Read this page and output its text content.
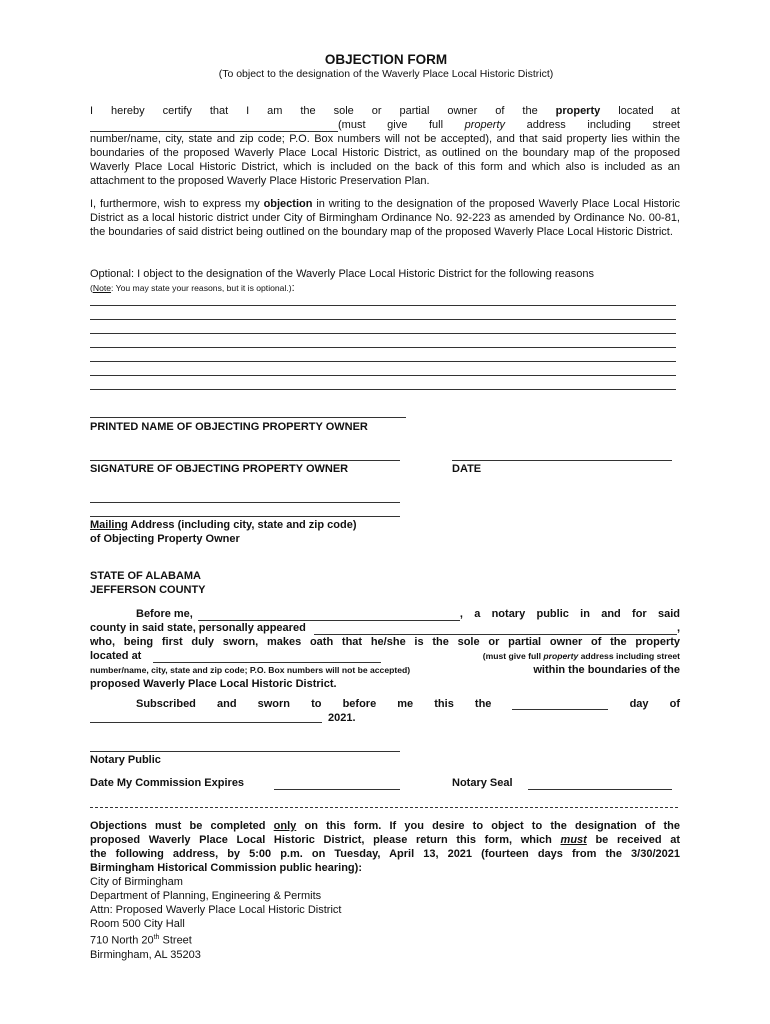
OBJECTION FORM
(To object to the designation of the Waverly Place Local Historic District)
I hereby certify that I am the sole or partial owner of the property located at
(must give full property address including street
number/name, city, state and zip code; P.O. Box numbers will not be accepted), and that said property lies within the boundaries of the proposed Waverly Place Local Historic District, as outlined on the boundary map of the proposed Waverly Place Local Historic District, which is included on the back of this form and which also is included as an attachment to the proposed Waverly Place Historic Preservation Plan.
I, furthermore, wish to express my objection in writing to the designation of the proposed Waverly Place Local Historic District as a local historic district under City of Birmingham Ordinance No. 92-223 as amended by Ordinance No. 00-81, the boundaries of said district being outlined on the boundary map of the proposed Waverly Place Local Historic District.
Optional: I object to the designation of the Waverly Place Local Historic District for the following reasons
(Note: You may state your reasons, but it is optional.):
PRINTED NAME OF OBJECTING PROPERTY OWNER
SIGNATURE OF OBJECTING PROPERTY OWNER	DATE
Mailing Address (including city, state and zip code)
of Objecting Property Owner
STATE OF ALABAMA
JEFFERSON COUNTY
Before me,	, a notary public in and for said
county in said state, personally appeared	,
who, being first duly sworn, makes oath that he/she is the sole or partial owner of the property
located at	(must give full property address including street
number/name, city, state and zip code; P.O. Box numbers will not be accepted)	within the boundaries of the
proposed Waverly Place Local Historic District.
Subscribed and sworn to before me this the	day of
2021.
Notary Public
Date My Commission Expires	Notary Seal
Objections must be completed only on this form. If you desire to object to the designation of the
proposed Waverly Place Local Historic District, please return this form, which must be received at
the following address, by 5:00 p.m. on Tuesday, April 13, 2021 (fourteen days from the 3/30/2021
Birmingham Historical Commission public hearing):
City of Birmingham
Department of Planning, Engineering & Permits
Attn: Proposed Waverly Place Local Historic District
Room 500 City Hall
710 North 20th Street
Birmingham, AL 35203
